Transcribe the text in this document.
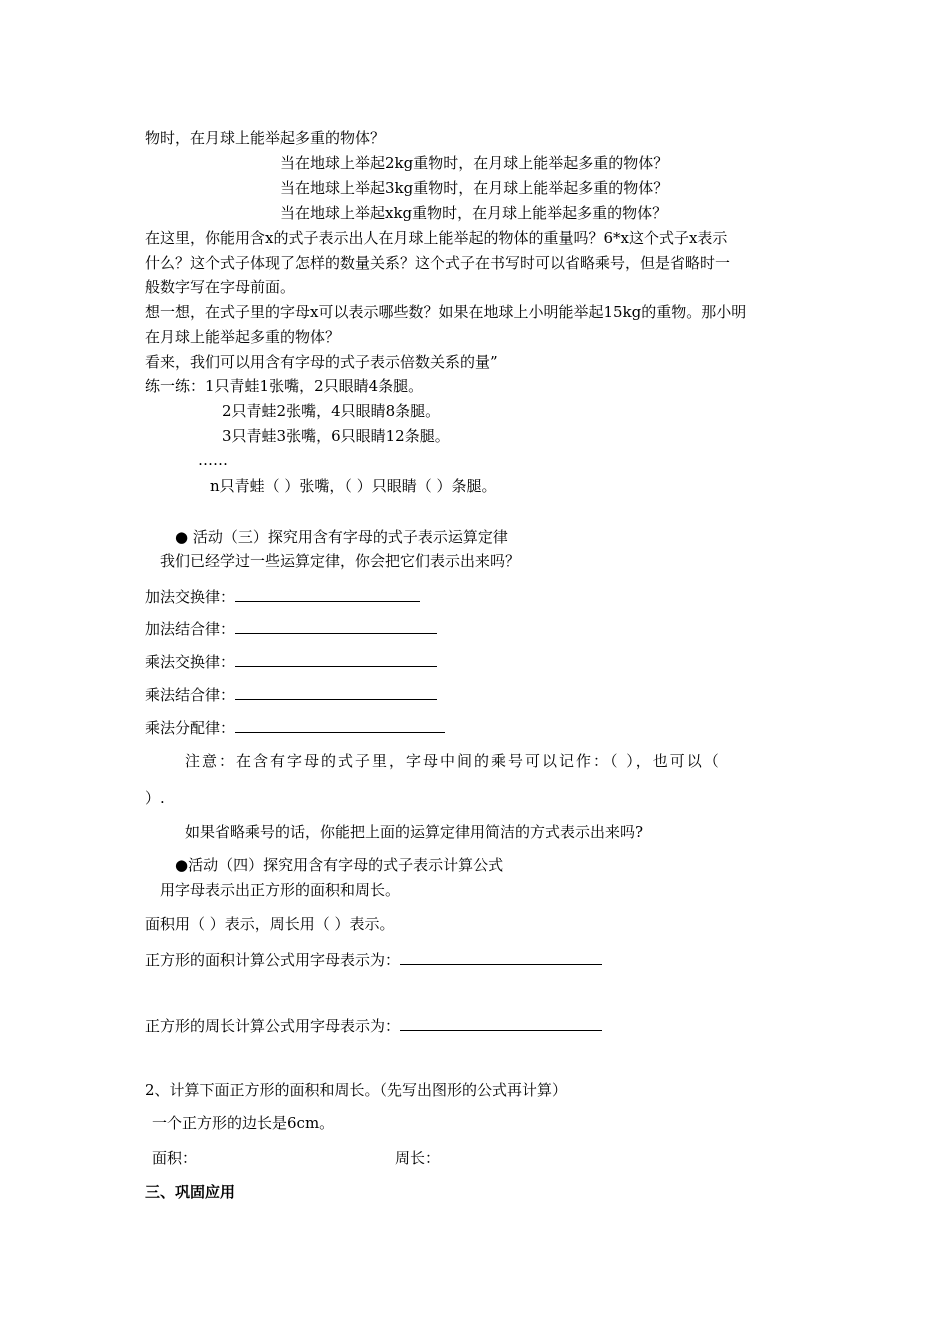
物时，在月球上能举起多重的物体？
当在地球上举起2kg重物时，在月球上能举起多重的物体？
当在地球上举起3kg重物时，在月球上能举起多重的物体？
当在地球上举起xkg重物时，在月球上能举起多重的物体？
在这里，你能用含x的式子表示出人在月球上能举起的物体的重量吗？6*x这个式子x表示
什么？这个式子体现了怎样的数量关系？这个式子在书写时可以省略乘号，但是省略时一
般数字写在字母前面。
想一想，在式子里的字母x可以表示哪些数？如果在地球上小明能举起15kg的重物。那小明
在月球上能举起多重的物体？
看来，我们可以用含有字母的式子表示倍数关系的量”
练一练：1只青蛙1张嘴，2只眼睛4条腿。
2只青蛙2张嘴，4只眼睛8条腿。
3只青蛙3张嘴，6只眼睛12条腿。
……
n只青蛙（ ）张嘴，（ ）只眼睛（ ）条腿。
● 活动（三）探究用含有字母的式子表示运算定律
我们已经学过一些运算定律，你会把它们表示出来吗？
加法交换律：
加法结合律：
乘法交换律：
乘法结合律：
乘法分配律：
注意：在含有字母的式子里，字母中间的乘号可以记作：（ ），也可以（
）.
如果省略乘号的话，你能把上面的运算定律用简洁的方式表示出来吗?
●活动（四）探究用含有字母的式子表示计算公式
用字母表示出正方形的面积和周长。
面积用（ ）表示，周长用（ ）表示。
正方形的面积计算公式用字母表示为：
正方形的周长计算公式用字母表示为：
2、计算下面正方形的面积和周长。（先写出图形的公式再计算）
一个正方形的边长是6cm。
面积：	周长：
三、巩固应用
